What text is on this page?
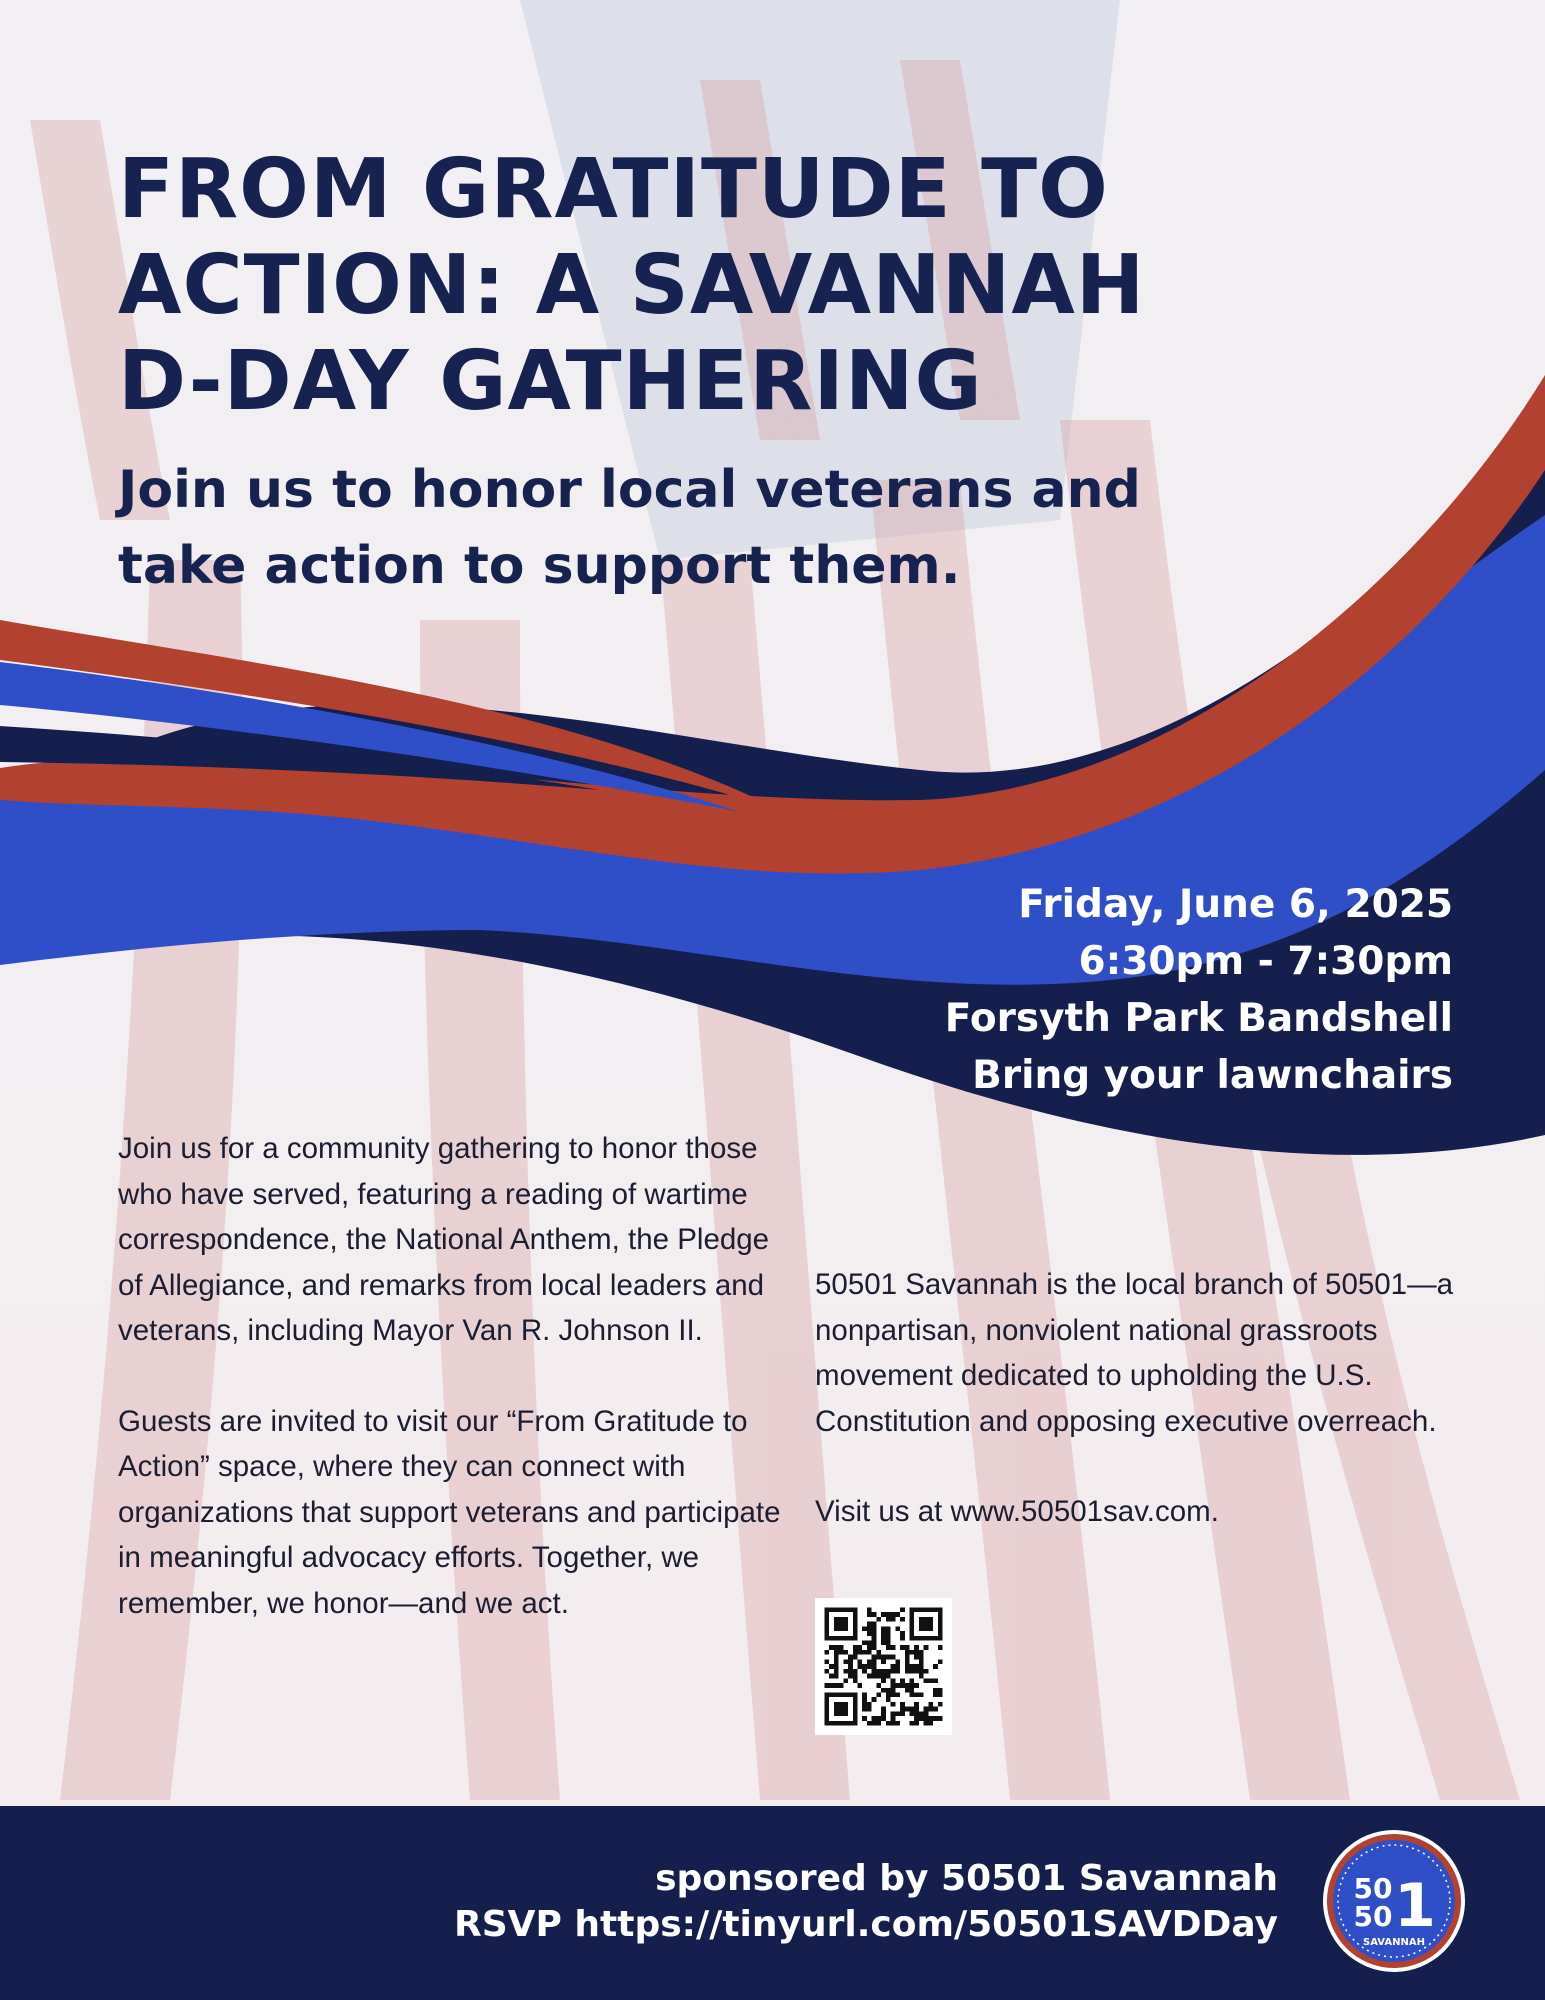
FROM GRATITUDE TO
ACTION: A SAVANNAH
D-DAY GATHERING
Join us to honor local veterans and
take action to support them.
Friday, June 6, 2025
6:30pm - 7:30pm
Forsyth Park Bandshell
Bring your lawnchairs

Join us for a community gathering to honor those who have served, featuring a reading of wartime correspondence, the National Anthem, the Pledge of Allegiance, and remarks from local leaders and veterans, including Mayor Van R. Johnson II.

Guests are invited to visit our “From Gratitude to Action” space, where they can connect with organizations that support veterans and participate in meaningful advocacy efforts. Together, we remember, we honor—and we act.

50501 Savannah is the local branch of 50501—a nonpartisan, nonviolent national grassroots movement dedicated to upholding the U.S. Constitution and opposing executive overreach.

Visit us at www.50501sav.com.

sponsored by 50501 Savannah
RSVP https://tinyurl.com/50501SAVDDay
50
50 1
SAVANNAH
